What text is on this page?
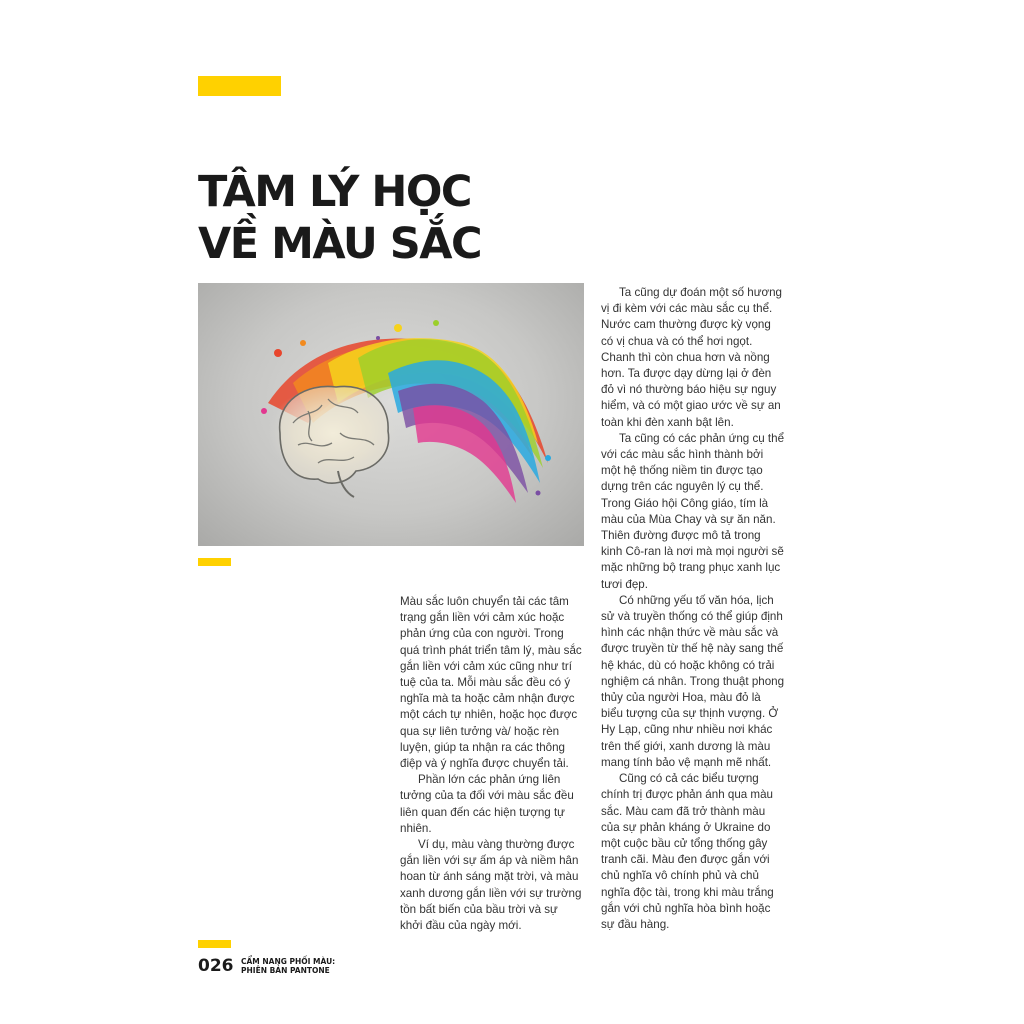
TÂM LÝ HỌC
VỀ MÀU SẮC

Màu sắc luôn chuyển tải các tâm trạng gắn liền với cảm xúc hoặc phản ứng của con người. Trong quá trình phát triển tâm lý, màu sắc gắn liền với cảm xúc cũng như trí tuệ của ta. Mỗi màu sắc đều có ý nghĩa mà ta hoặc cảm nhận được một cách tự nhiên, hoặc học được qua sự liên tưởng và/ hoặc rèn luyện, giúp ta nhận ra các thông điệp và ý nghĩa được chuyển tải.

Phần lớn các phản ứng liên tưởng của ta đối với màu sắc đều liên quan đến các hiện tượng tự nhiên.

Ví dụ, màu vàng thường được gắn liền với sự ấm áp và niềm hân hoan từ ánh sáng mặt trời, và màu xanh dương gắn liền với sự trường tồn bất biến của bầu trời và sự khởi đầu của ngày mới.

Ta cũng dự đoán một số hương vị đi kèm với các màu sắc cụ thể. Nước cam thường được kỳ vọng có vị chua và có thể hơi ngọt. Chanh thì còn chua hơn và nồng hơn. Ta được dạy dừng lại ở đèn đỏ vì nó thường báo hiệu sự nguy hiểm, và có một giao ước về sự an toàn khi đèn xanh bật lên.

Ta cũng có các phản ứng cụ thể với các màu sắc hình thành bởi một hệ thống niềm tin được tạo dựng trên các nguyên lý cụ thể. Trong Giáo hội Công giáo, tím là màu của Mùa Chay và sự ăn năn. Thiên đường được mô tả trong kinh Cô-ran là nơi mà mọi người sẽ mặc những bộ trang phục xanh lục tươi đẹp.

Có những yếu tố văn hóa, lịch sử và truyền thống có thể giúp định hình các nhận thức về màu sắc và được truyền từ thế hệ này sang thế hệ khác, dù có hoặc không có trải nghiệm cá nhân. Trong thuật phong thủy của người Hoa, màu đỏ là biểu tượng của sự thịnh vượng. Ở Hy Lạp, cũng như nhiều nơi khác trên thế giới, xanh dương là màu mang tính bảo vệ mạnh mẽ nhất.

Cũng có cả các biểu tượng chính trị được phản ánh qua màu sắc. Màu cam đã trở thành màu của sự phản kháng ở Ukraine do một cuộc bầu cử tổng thống gây tranh cãi. Màu đen được gắn với chủ nghĩa vô chính phủ và chủ nghĩa độc tài, trong khi màu trắng gắn với chủ nghĩa hòa bình hoặc sự đầu hàng.

026 CẨM NANG PHỐI MÀU:
PHIÊN BẢN PANTONE
